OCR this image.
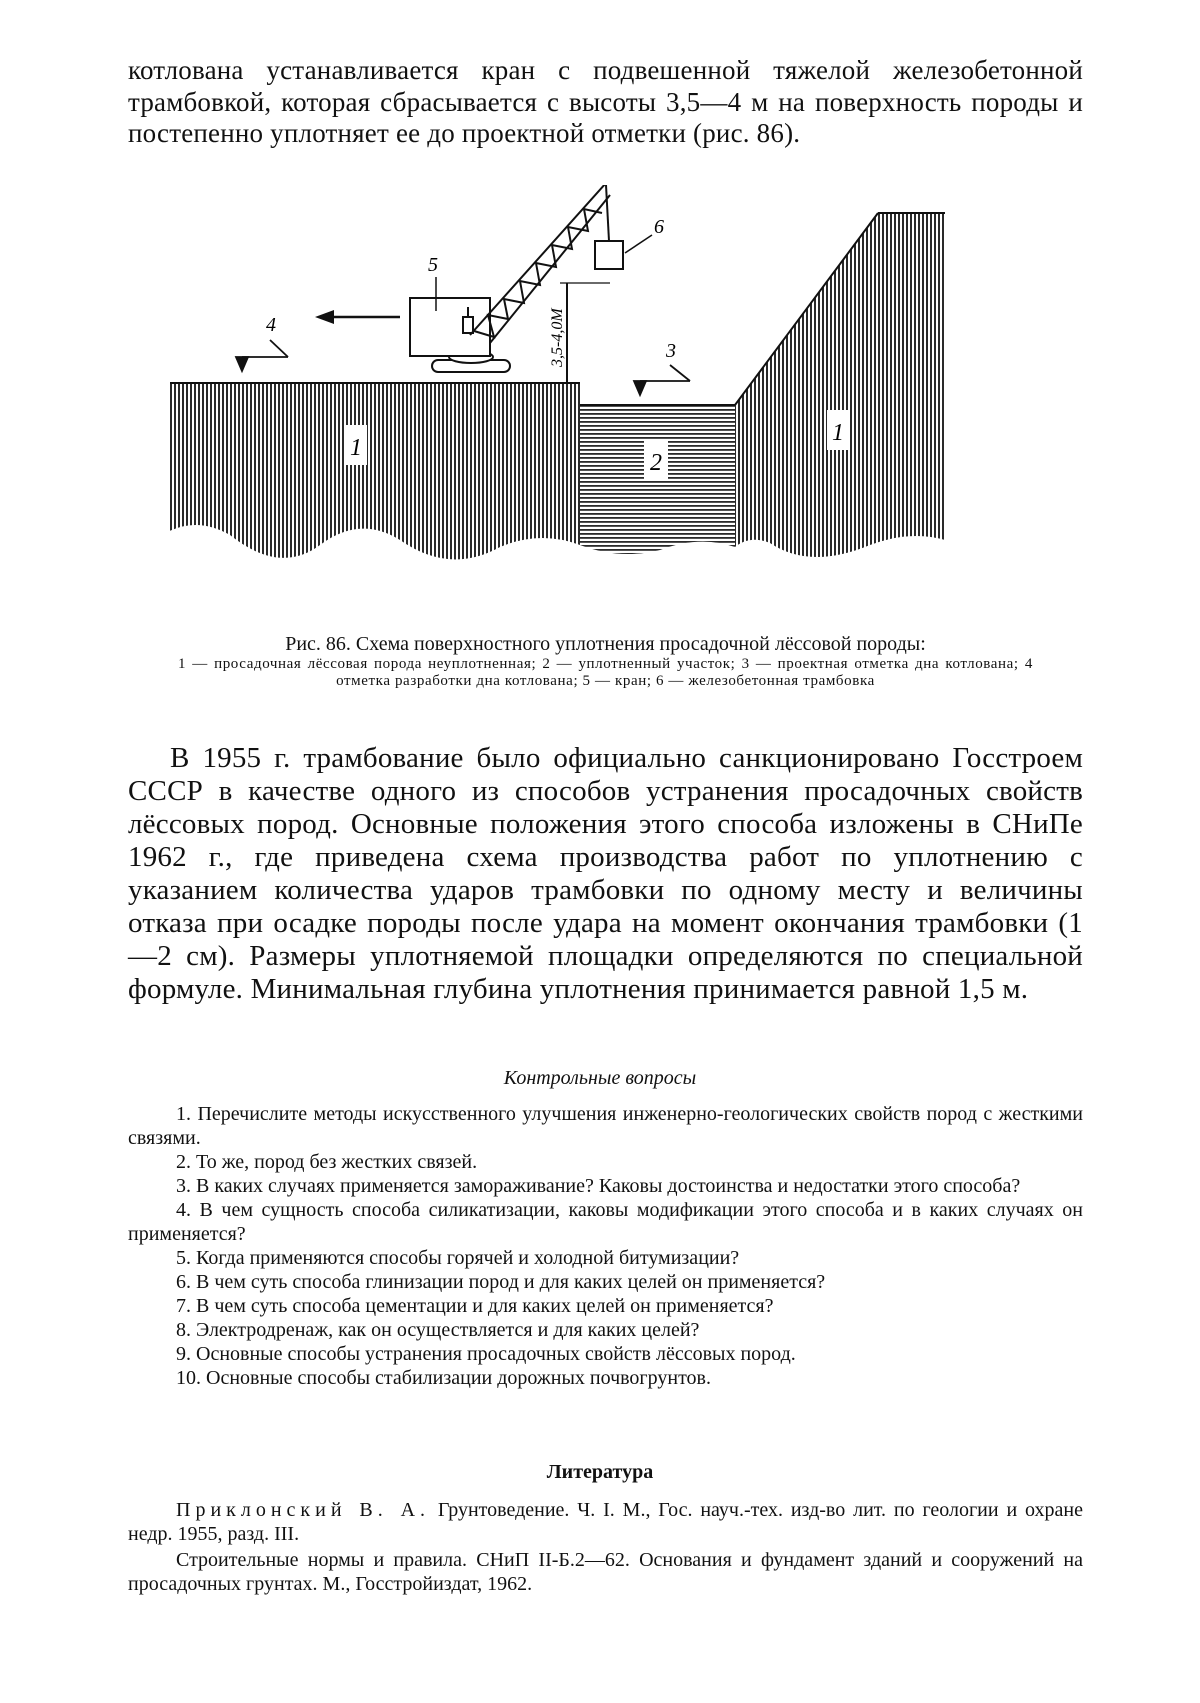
котлована устанавливается кран с подвешенной тяжелой железобетонной трамбовкой, которая сбрасывается с высоты 3,5—4 м на поверхность породы и постепенно уплотняет ее до проектной отметки (рис. 86).

1
2
1
3,5-4,0М
4
3
5
6

Рис. 86. Схема поверхностного уплотнения просадочной лёссовой породы:

1 — просадочная лёссовая порода неуплотненная; 2 — уплотненный участок; 3 — проектная отметка дна котлована; 4 отметка разработки дна котлована; 5 — кран; 6 — железобетонная трамбовка

В 1955 г. трамбование было официально санкционировано Госстроем СССР в качестве одного из способов устранения просадочных свойств лёссовых пород. Основные положения этого способа изложены в СНиПе 1962 г., где приведена схема производства работ по уплотнению с указанием количества ударов трамбовки по одному месту и величины отказа при осадке породы после удара на момент окончания трамбовки (1—2 см). Размеры уплотняемой площадки определяются по специальной формуле. Минимальная глубина уплотнения принимается равной 1,5 м.

Контрольные вопросы

1. Перечислите методы искусственного улучшения инженерно-геологических свойств пород с жесткими связями.
2. То же, пород без жестких связей.
3. В каких случаях применяется замораживание? Каковы достоинства и недостатки этого способа?
4. В чем сущность способа силикатизации, каковы модификации этого способа и в каких случаях он применяется?
5. Когда применяются способы горячей и холодной битумизации?
6. В чем суть способа глинизации пород и для каких целей он применяется?
7. В чем суть способа цементации и для каких целей он применяется?
8. Электродренаж, как он осуществляется и для каких целей?
9. Основные способы устранения просадочных свойств лёссовых пород.
10. Основные способы стабилизации дорожных почвогрунтов.

Литература

Приклонский В. А. Грунтоведение. Ч. I. М., Гос. науч.-тех. изд-во лит. по геологии и охране недр. 1955, разд. III.
Строительные нормы и правила. СНиП II-Б.2—62. Основания и фундамент зданий и сооружений на просадочных грунтах. М., Госстройиздат, 1962.
